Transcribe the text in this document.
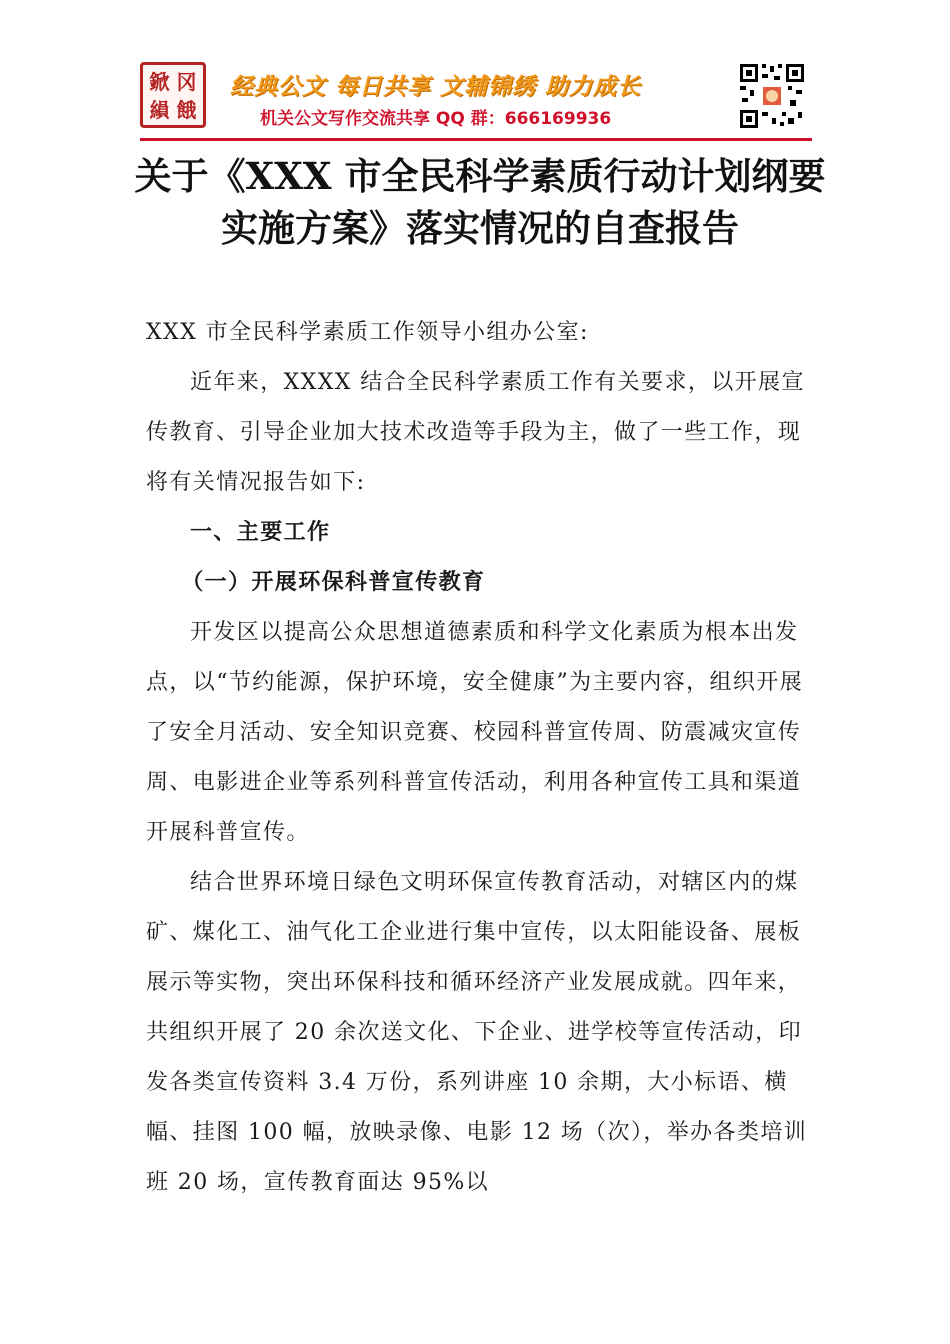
鍁 冈
縜 餓
经典公文 每日共享 文辅锦绣 助力成长
机关公文写作交流共享 QQ 群：666169936
关于《XXX 市全民科学素质行动计划纲要
实施方案》落实情况的自查报告

XXX 市全民科学素质工作领导小组办公室:

近年来，XXXX 结合全民科学素质工作有关要求，以开展宣传教育、引导企业加大技术改造等手段为主，做了一些工作，现将有关情况报告如下:

一、主要工作

（一）开展环保科普宣传教育

开发区以提高公众思想道德素质和科学文化素质为根本出发点，以“节约能源，保护环境，安全健康”为主要内容，组织开展了安全月活动、安全知识竞赛、校园科普宣传周、防震减灾宣传周、电影进企业等系列科普宣传活动，利用各种宣传工具和渠道开展科普宣传。

结合世界环境日绿色文明环保宣传教育活动，对辖区内的煤矿、煤化工、油气化工企业进行集中宣传，以太阳能设备、展板展示等实物，突出环保科技和循环经济产业发展成就。四年来，共组织开展了 20 余次送文化、下企业、进学校等宣传活动，印发各类宣传资料 3.4 万份，系列讲座 10 余期，大小标语、横幅、挂图 100 幅，放映录像、电影 12 场（次），举办各类培训班 20 场，宣传教育面达 95%以
